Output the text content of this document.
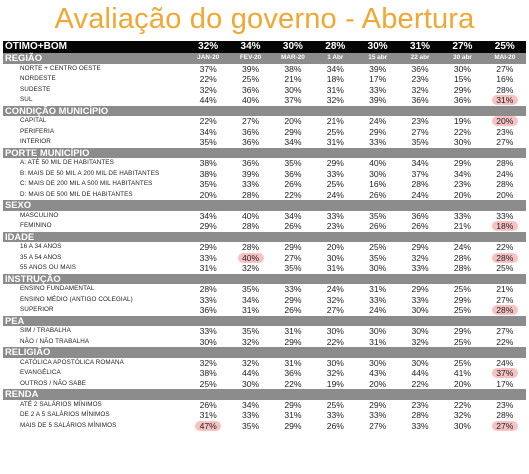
Avaliação do governo - Abertura
ÓTIMO+BOM	32%	34%	30%	28%	30%	31%	27%	25%
REGIÃO	JAN-20	FEV-20	MAR-20	1 Abr	15 abr	22 abr	30 abr	MAI-20
NORTE + CENTRO OESTE	37%	39%	38%	34%	39%	36%	30%	27%
NORDESTE	22%	25%	21%	18%	17%	23%	15%	16%
SUDESTE	32%	36%	30%	31%	33%	32%	29%	28%
SUL	44%	40%	37%	32%	39%	36%	36%	31%
CONDIÇÃO MUNICÍPIO								
CAPITAL	22%	27%	20%	21%	24%	23%	19%	20%
PERIFERIA	34%	36%	29%	25%	29%	27%	22%	23%
INTERIOR	35%	36%	34%	31%	33%	35%	30%	27%
PORTE MUNICÍPIO								
A: ATÉ 50 MIL DE HABITANTES	38%	36%	35%	29%	40%	34%	29%	28%
B: MAIS DE 50 MIL A 200 MIL DE HABITANTES	38%	39%	36%	33%	30%	37%	34%	24%
C: MAIS DE 200 MIL A 500 MIL HABITANTES	35%	33%	26%	25%	16%	28%	23%	28%
D: MAIS DE 500 MIL DE HABITANTES	20%	28%	22%	24%	26%	24%	20%	20%
SEXO								
MASCULINO	34%	40%	34%	33%	35%	36%	33%	33%
FEMININO	29%	28%	26%	23%	26%	26%	21%	18%
IDADE								
16 A 34 ANOS	29%	28%	29%	20%	25%	29%	24%	22%
35 A 54 ANOS	33%	40%	27%	30%	35%	32%	28%	28%
55 ANOS OU MAIS	31%	32%	35%	31%	30%	33%	28%	25%
INSTRUÇÃO								
ENSINO FUNDAMENTAL	28%	35%	33%	24%	31%	29%	25%	21%
ENSINO MÉDIO (ANTIGO COLEGIAL)	33%	34%	29%	32%	33%	33%	29%	27%
SUPERIOR	36%	31%	26%	27%	24%	30%	25%	28%
PEA								
SIM / TRABALHA	33%	35%	31%	30%	30%	30%	29%	27%
NÃO / NÃO TRABALHA	30%	32%	29%	22%	31%	32%	25%	22%
RELIGIÃO								
CATÓLICA APOSTÓLICA ROMANA	32%	32%	31%	30%	30%	30%	25%	24%
EVANGÉLICA	38%	44%	36%	32%	43%	44%	41%	37%
OUTROS / NÃO SABE	25%	30%	22%	19%	20%	22%	20%	17%
RENDA								
ATÉ 2 SALÁRIOS MÍNIMOS	26%	34%	29%	25%	29%	23%	22%	23%
DE 2 A 5 SALÁRIOS MÍNIMOS	31%	33%	31%	33%	33%	28%	32%	28%
MAIS DE 5 SALÁRIOS MÍNIMOS	47%	35%	29%	26%	27%	33%	30%	27%
